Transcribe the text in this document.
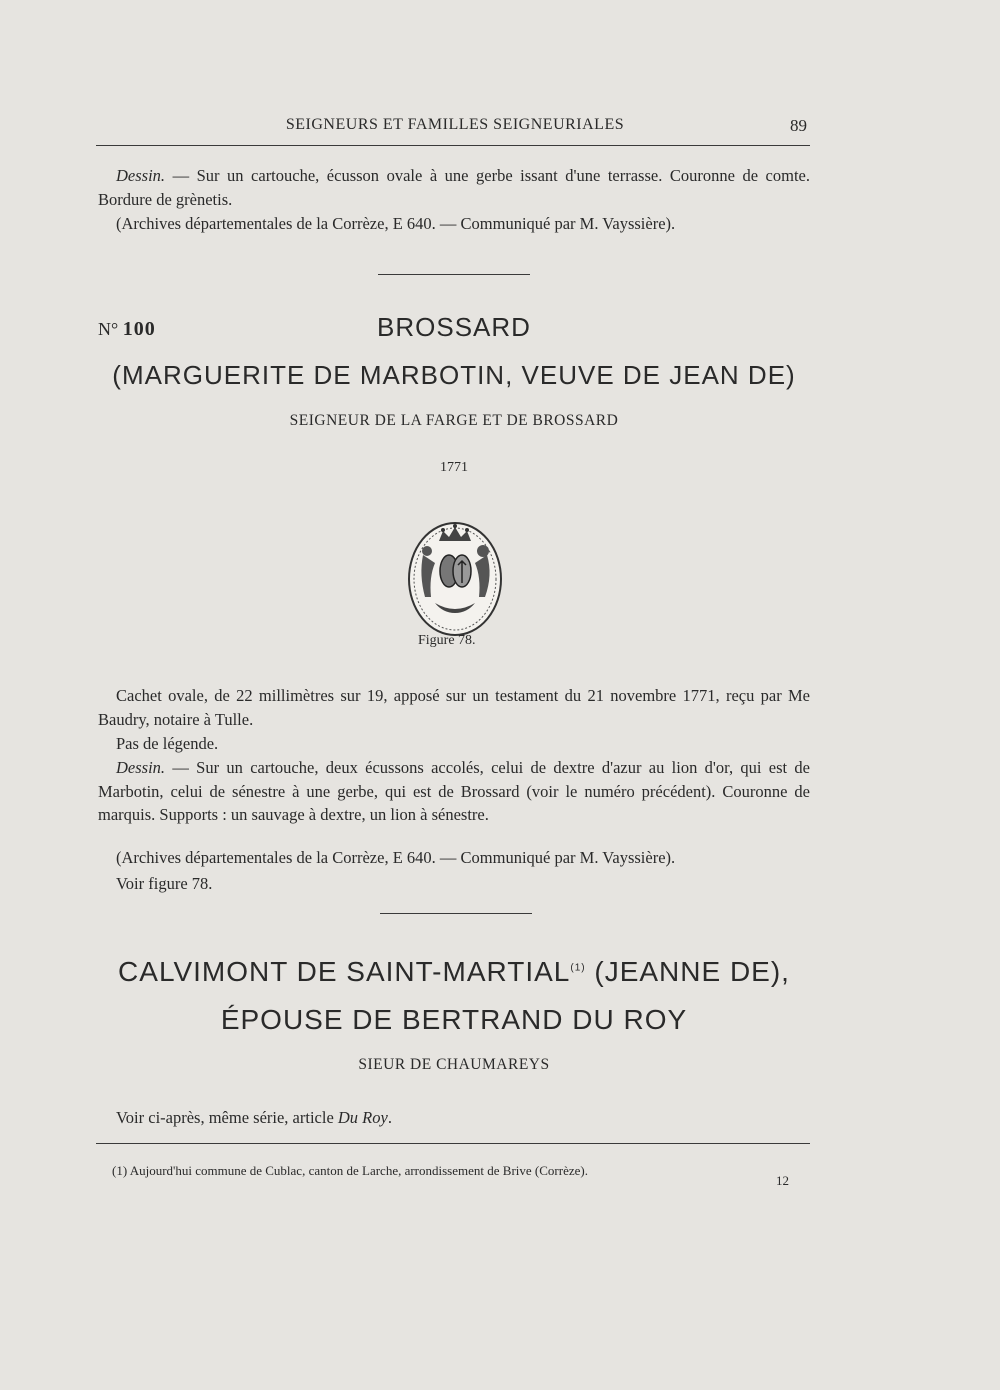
SEIGNEURS ET FAMILLES SEIGNEURIALES	89
Dessin. — Sur un cartouche, écusson ovale à une gerbe issant d'une terrasse. Couronne de comte. Bordure de grènetis.
(Archives départementales de la Corrèze, E 640. — Communiqué par M. Vayssière).
N° 100	BROSSARD
(MARGUERITE DE MARBOTIN, VEUVE DE JEAN DE)
SEIGNEUR DE LA FARGE ET DE BROSSARD
1771
Figure 78.
Cachet ovale, de 22 millimètres sur 19, apposé sur un testament du 21 novembre 1771, reçu par Me Baudry, notaire à Tulle.
Pas de légende.
Dessin. — Sur un cartouche, deux écussons accolés, celui de dextre d'azur au lion d'or, qui est de Marbotin, celui de sénestre à une gerbe, qui est de Brossard (voir le numéro précédent). Couronne de marquis. Supports : un sauvage à dextre, un lion à sénestre.
(Archives départementales de la Corrèze, E 640. — Communiqué par M. Vayssière).
Voir figure 78.
CALVIMONT DE SAINT-MARTIAL$^{(1)}$ (JEANNE DE),
ÉPOUSE DE BERTRAND DU ROY
SIEUR DE CHAUMAREYS
Voir ci-après, même série, article Du Roy.
(1) Aujourd'hui commune de Cublac, canton de Larche, arrondissement de Brive (Corrèze).
12
